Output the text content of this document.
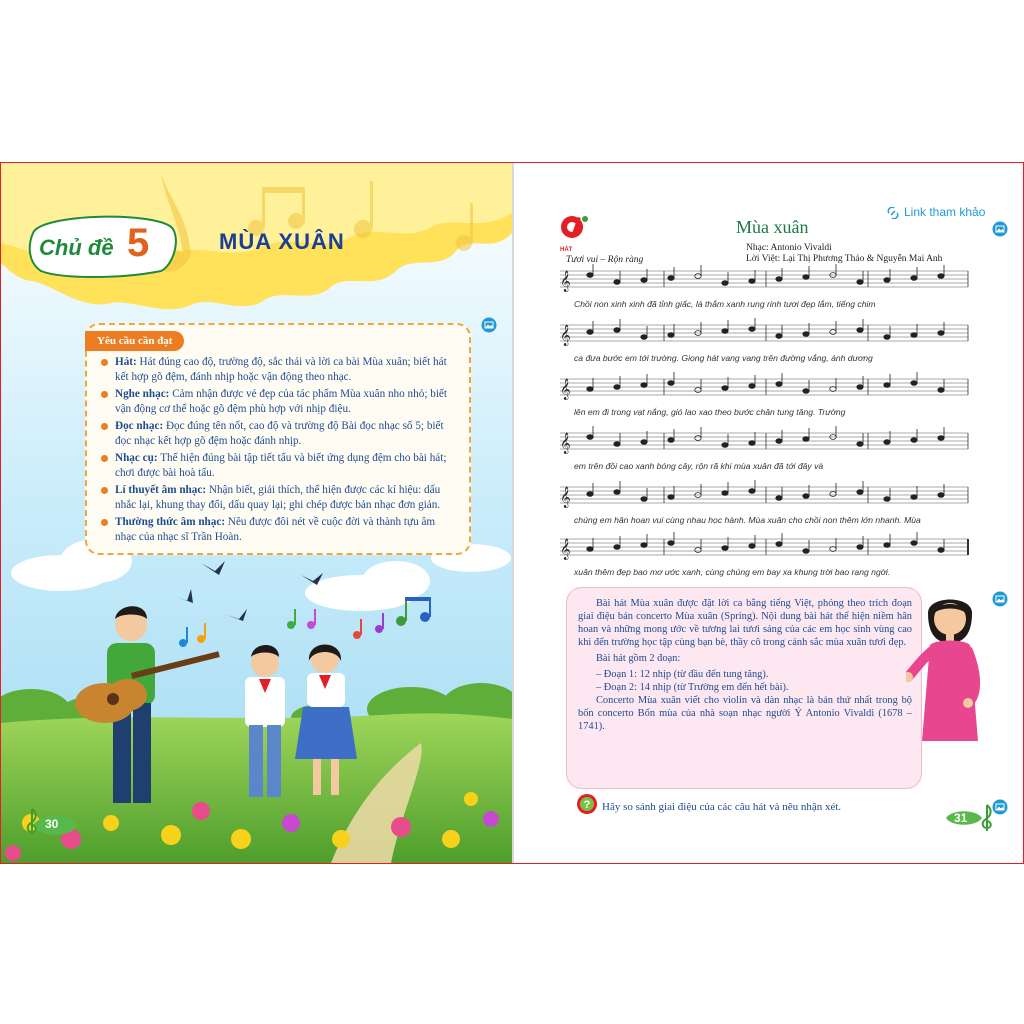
Chủ đề 5	MÙA XUÂN
Yêu cầu cần đạt
Hát: Hát đúng cao độ, trường độ, sắc thái và lời ca bài Mùa xuân; biết hát kết hợp gõ đệm, đánh nhịp hoặc vận động theo nhạc.
Nghe nhạc: Cảm nhận được vẻ đẹp của tác phẩm Mùa xuân nho nhỏ; biết vận động cơ thể hoặc gõ đệm phù hợp với nhịp điệu.
Đọc nhạc: Đọc đúng tên nốt, cao độ và trường độ Bài đọc nhạc số 5; biết đọc nhạc kết hợp gõ đệm hoặc đánh nhịp.
Nhạc cụ: Thể hiện đúng bài tập tiết tấu và biết ứng dụng đệm cho bài hát; chơi được bài hoà tấu.
Lí thuyết âm nhạc: Nhận biết, giải thích, thể hiện được các kí hiệu: dấu nhắc lại, khung thay đổi, dấu quay lại; ghi chép được bản nhạc đơn giản.
Thường thức âm nhạc: Nêu được đôi nét về cuộc đời và thành tựu âm nhạc của nhạc sĩ Trần Hoàn.
30
HÁT
Link tham khảo
Mùa xuân
Nhạc: Antonio Vivaldi
Lời Việt: Lại Thị Phương Thảo & Nguyễn Mai Anh
Tươi vui – Rộn ràng
𝄞
𝄞
𝄞
𝄞
𝄞
𝄞
Chồi non xinh xinh đã tỉnh giấc, lá thắm xanh rung rinh tươi đẹp lắm, tiếng chim
ca đưa bước em tới trường. Giọng hát vang vang trên đường vắng, ánh dương
lên em đi trong vạt nắng, gió lao xao theo bước chân tung tăng. Trường
em trên đồi cao xanh bóng cây, rộn rã khi mùa xuân đã tới đây và
chúng em hân hoan vui cùng nhau học hành. Mùa xuân cho chồi non thêm lớn nhanh. Mùa
xuân thêm đẹp bao mơ ước xanh, cùng chúng em bay xa khung trời bao rạng ngời.

Bài hát Mùa xuân được đặt lời ca bằng tiếng Việt, phỏng theo trích đoạn giai điệu bản concerto Mùa xuân (Spring). Nội dung bài hát thể hiện niềm hân hoan và những mong ước về tương lai tươi sáng của các em học sinh vùng cao khi đến trường học tập cùng bạn bè, thầy cô trong cảnh sắc mùa xuân tươi đẹp.

Bài hát gồm 2 đoạn:

– Đoạn 1: 12 nhịp (từ đầu đến tung tăng).

– Đoạn 2: 14 nhịp (từ Trường em đến hết bài).

Concerto Mùa xuân viết cho violin và dàn nhạc là bản thứ nhất trong bộ bốn concerto Bốn mùa của nhà soạn nhạc người Ý Antonio Vivaldi (1678 – 1741).

? Hãy so sánh giai điệu của các câu hát và nêu nhận xét.
31
